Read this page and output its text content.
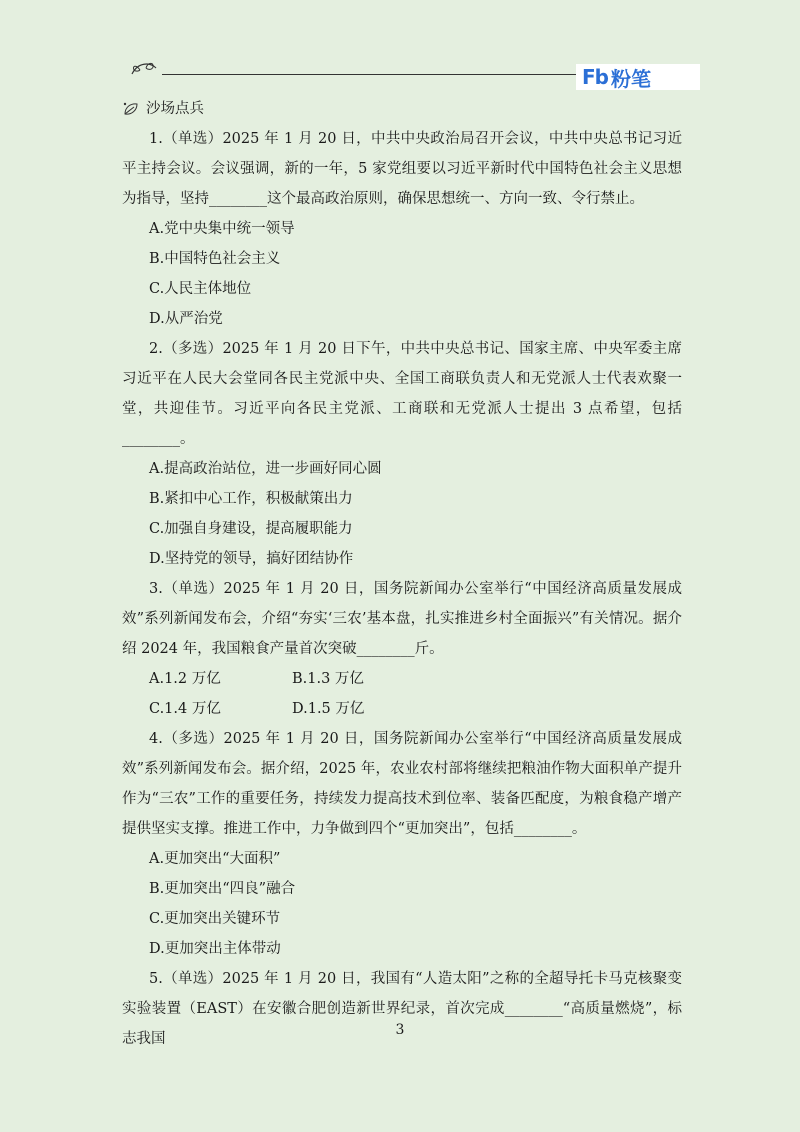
Fb 粉笔
沙场点兵

1.（单选）2025 年 1 月 20 日，中共中央政治局召开会议，中共中央总书记习近平主持会议。会议强调，新的一年，5 家党组要以习近平新时代中国特色社会主义思想为指导，坚持________这个最高政治原则，确保思想统一、方向一致、令行禁止。

A.党中央集中统一领导

B.中国特色社会主义

C.人民主体地位

D.从严治党

2.（多选）2025 年 1 月 20 日下午，中共中央总书记、国家主席、中央军委主席习近平在人民大会堂同各民主党派中央、全国工商联负责人和无党派人士代表欢聚一堂，共迎佳节。习近平向各民主党派、工商联和无党派人士提出 3 点希望，包括________。

A.提高政治站位，进一步画好同心圆

B.紧扣中心工作，积极献策出力

C.加强自身建设，提高履职能力

D.坚持党的领导，搞好团结协作

3.（单选）2025 年 1 月 20 日，国务院新闻办公室举行“中国经济高质量发展成效”系列新闻发布会，介绍“夯实‘三农’基本盘，扎实推进乡村全面振兴”有关情况。据介绍 2024 年，我国粮食产量首次突破________斤。

A.1.2 万亿	B.1.3 万亿
C.1.4 万亿	D.1.5 万亿

4.（多选）2025 年 1 月 20 日，国务院新闻办公室举行“中国经济高质量发展成效”系列新闻发布会。据介绍，2025 年，农业农村部将继续把粮油作物大面积单产提升作为“三农”工作的重要任务，持续发力提高技术到位率、装备匹配度，为粮食稳产增产提供坚实支撑。推进工作中，力争做到四个“更加突出”，包括________。

A.更加突出“大面积”

B.更加突出“四良”融合

C.更加突出关键环节

D.更加突出主体带动

5.（单选）2025 年 1 月 20 日，我国有“人造太阳”之称的全超导托卡马克核聚变实验装置（EAST）在安徽合肥创造新世界纪录，首次完成________“高质量燃烧”，标志我国

3
